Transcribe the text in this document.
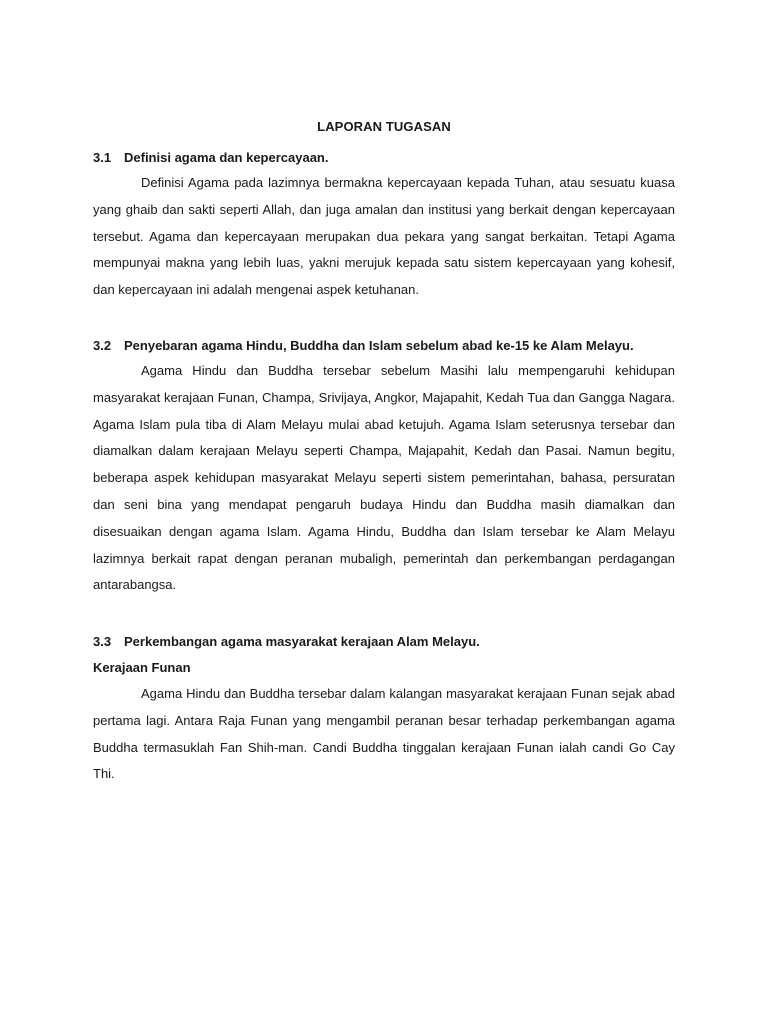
LAPORAN TUGASAN
3.1 Definisi agama dan kepercayaan.

Definisi Agama pada lazimnya bermakna kepercayaan kepada Tuhan, atau sesuatu kuasa yang ghaib dan sakti seperti Allah, dan juga amalan dan institusi yang berkait dengan kepercayaan tersebut. Agama dan kepercayaan merupakan dua pekara yang sangat berkaitan. Tetapi Agama mempunyai makna yang lebih luas, yakni merujuk kepada satu sistem kepercayaan yang kohesif, dan kepercayaan ini adalah mengenai aspek ketuhanan.

3.2 Penyebaran agama Hindu, Buddha dan Islam sebelum abad ke-15 ke Alam Melayu.

Agama Hindu dan Buddha tersebar sebelum Masihi lalu mempengaruhi kehidupan masyarakat kerajaan Funan, Champa, Srivijaya, Angkor, Majapahit, Kedah Tua dan Gangga Nagara. Agama Islam pula tiba di Alam Melayu mulai abad ketujuh. Agama Islam seterusnya tersebar dan diamalkan dalam kerajaan Melayu seperti Champa, Majapahit, Kedah dan Pasai. Namun begitu, beberapa aspek kehidupan masyarakat Melayu seperti sistem pemerintahan, bahasa, persuratan dan seni bina yang mendapat pengaruh budaya Hindu dan Buddha masih diamalkan dan disesuaikan dengan agama Islam. Agama Hindu, Buddha dan Islam tersebar ke Alam Melayu lazimnya berkait rapat dengan peranan mubaligh, pemerintah dan perkembangan perdagangan antarabangsa.

3.3 Perkembangan agama masyarakat kerajaan Alam Melayu.
Kerajaan Funan

Agama Hindu dan Buddha tersebar dalam kalangan masyarakat kerajaan Funan sejak abad pertama lagi. Antara Raja Funan yang mengambil peranan besar terhadap perkembangan agama Buddha termasuklah Fan Shih-man. Candi Buddha tinggalan kerajaan Funan ialah candi Go Cay Thi.
